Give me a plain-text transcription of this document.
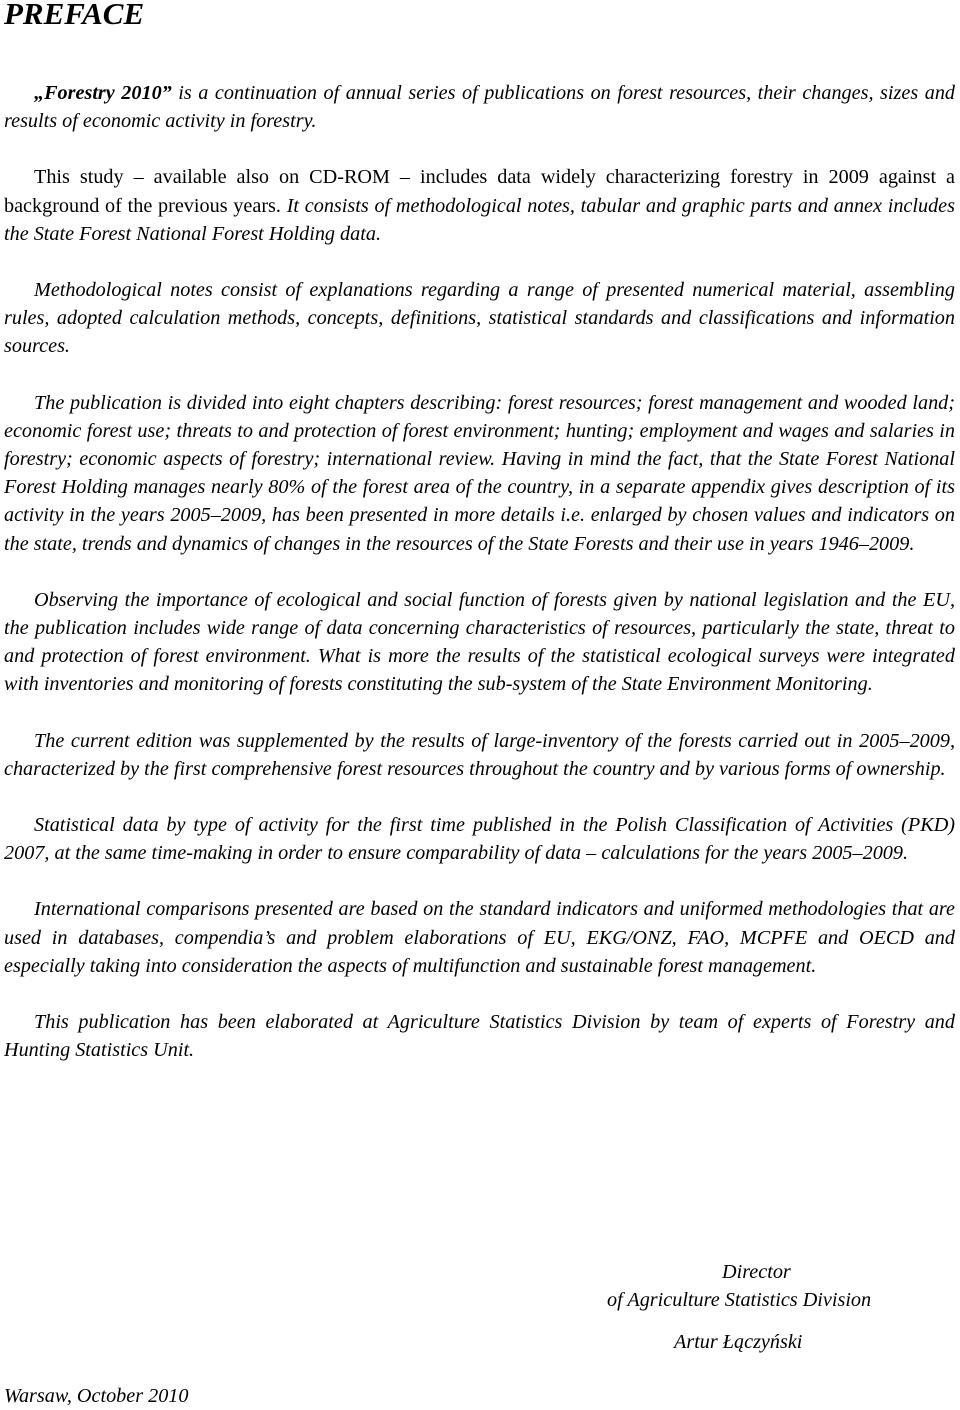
PREFACE

„Forestry 2010” is a continuation of annual series of publications on forest resources, their changes, sizes and results of economic activity in forestry.

This study – available also on CD-ROM – includes data widely characterizing forestry in 2009 against a background of the previous years. It consists of methodological notes, tabular and graphic parts and annex includes the State Forest National Forest Holding data.

Methodological notes consist of explanations regarding a range of presented numerical material, assembling rules, adopted calculation methods, concepts, definitions, statistical standards and classifications and information sources.

The publication is divided into eight chapters describing: forest resources; forest management and wooded land; economic forest use; threats to and protection of forest environment; hunting; employment and wages and salaries in forestry; economic aspects of forestry; international review. Having in mind the fact, that the State Forest National Forest Holding manages nearly 80% of the forest area of the country, in a separate appendix gives description of its activity in the years 2005–2009, has been presented in more details i.e. enlarged by chosen values and indicators on the state, trends and dynamics of changes in the resources of the State Forests and their use in years 1946–2009.

Observing the importance of ecological and social function of forests given by national legislation and the EU, the publication includes wide range of data concerning characteristics of resources, particularly the state, threat to and protection of forest environment. What is more the results of the statistical ecological surveys were integrated with inventories and monitoring of forests constituting the sub-system of the State Environment Monitoring.

The current edition was supplemented by the results of large-inventory of the forests carried out in 2005–2009, characterized by the first comprehensive forest resources throughout the country and by various forms of ownership.

Statistical data by type of activity for the first time published in the Polish Classification of Activities (PKD) 2007, at the same time-making in order to ensure comparability of data – calculations for the years 2005–2009.

International comparisons presented are based on the standard indicators and uniformed methodologies that are used in databases, compendia’s and problem elaborations of EU, EKG/ONZ, FAO, MCPFE and OECD and especially taking into consideration the aspects of multifunction and sustainable forest management.

This publication has been elaborated at Agriculture Statistics Division by team of experts of Forestry and Hunting Statistics Unit.

Director
of Agriculture Statistics Division
Artur Łączyński
Warsaw, October 2010
